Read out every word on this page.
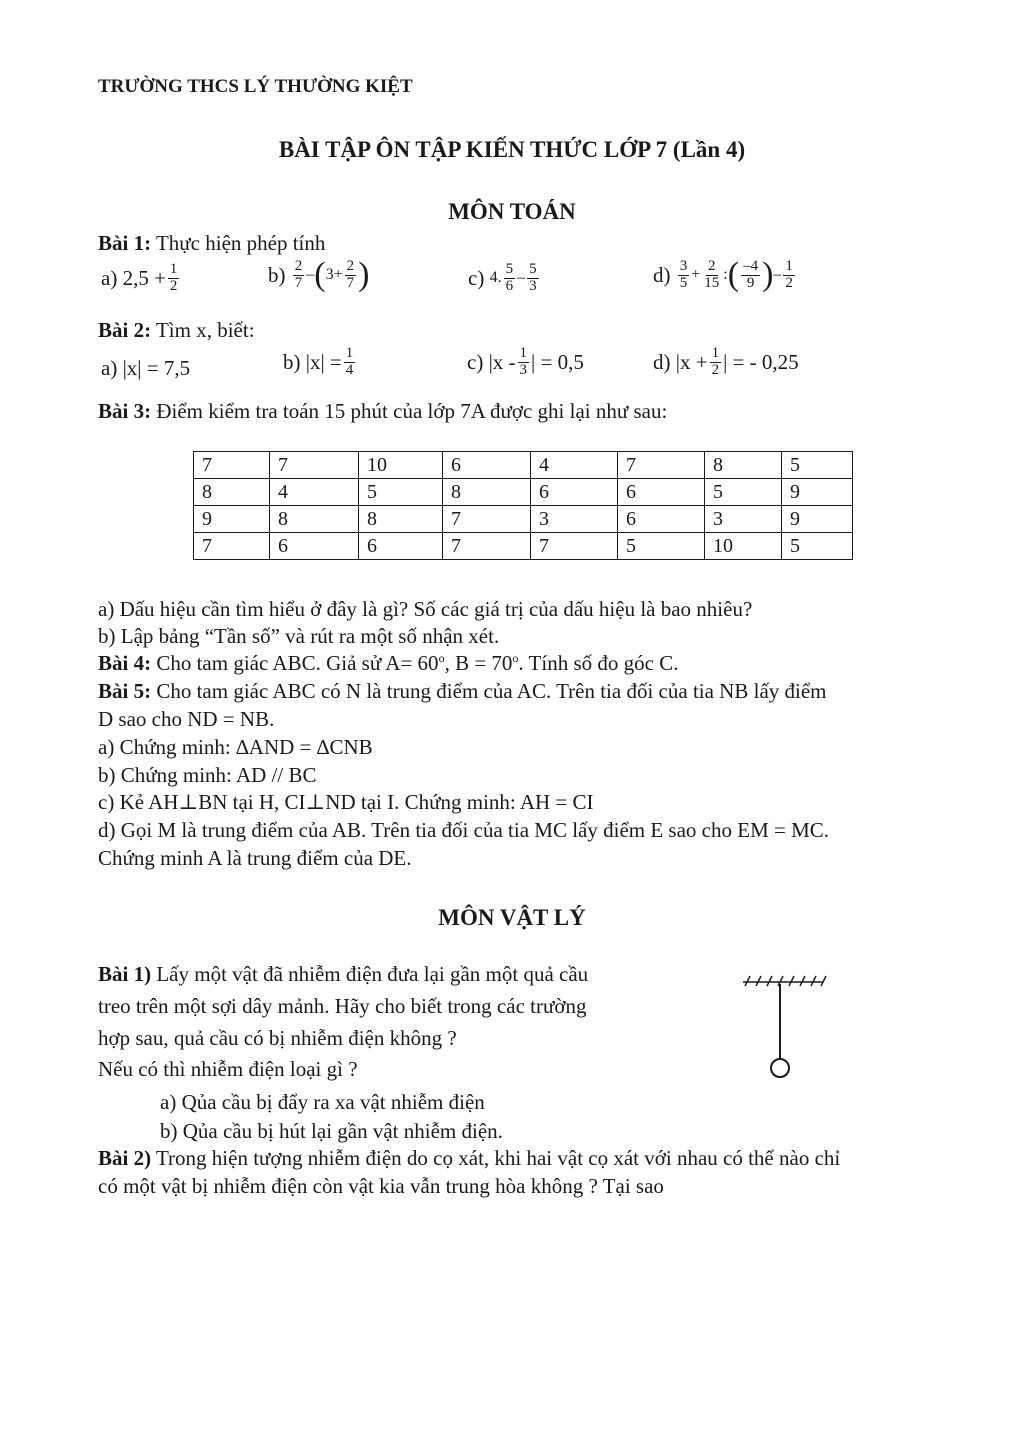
TRƯỜNG THCS LÝ THƯỜNG KIỆT
BÀI TẬP ÔN TẬP KIẾN THỨC LỚP 7 (Lần 4)
MÔN TOÁN
Bài 1: Thực hiện phép tính
a)
$2,5 + \frac{1}{2}$	b)
$\frac{2}{7}$ – ( $3+ \frac{2}{7}$ )	c)
4. $\frac{5}{6} - \frac{5}{3}$	d)
$\frac{3}{5} + \frac{2}{15}$ : ( $\frac{-4}{9}$ ) – $\frac{1}{2}$
Bài 2: Tìm x, biết:
a) |x| = 7,5	b)
$|x| = \frac{1}{4}$	c)
$|x - \frac{1}{3}$ | = 0,5	d)
$|x + \frac{1}{2}$ | = - 0,25
Bài 3: Điểm kiểm tra toán 15 phút của lớp 7A được ghi lại như sau:
7	7	10	6	4	7	8	5
8	4	5	8	6	6	5	9
9	8	8	7	3	6	3	9
7	6	6	7	7	5	10	5
a) Dấu hiệu cần tìm hiểu ở đây là gì? Số các giá trị của dấu hiệu là bao nhiêu?
b) Lập bảng “Tần số” và rút ra một số nhận xét.
Bài 4: Cho tam giác ABC. Giả sử $A= 60^o$, $B = 70^o$. Tính số đo góc C.
Bài 5: Cho tam giác ABC có N là trung điểm của AC. Trên tia đối của tia NB lấy điểm
D sao cho ND = NB.
a) Chứng minh: ∆AND = ∆CNB
b) Chứng minh: AD // BC
c) Kẻ AH⊥BN tại H, CI⊥ND tại I. Chứng minh: AH = CI
d) Gọi M là trung điểm của AB. Trên tia đối của tia MC lấy điểm E sao cho EM = MC.
Chứng minh A là trung điểm của DE.
MÔN VẬT LÝ
Bài 1) Lấy một vật đã nhiễm điện đưa lại gần một quả cầu
treo trên một sợi dây mảnh. Hãy cho biết trong các trường
hợp sau, quả cầu có bị nhiễm điện không ?
Nếu có thì nhiễm điện loại gì ?
a) Qủa cầu bị đẩy ra xa vật nhiễm điện
b) Qủa cầu bị hút lại gần vật nhiễm điện.
Bài 2) Trong hiện tượng nhiễm điện do cọ xát, khi hai vật cọ xát với nhau có thể nào chỉ
có một vật bị nhiễm điện còn vật kia vẫn trung hòa không ? Tại sao
